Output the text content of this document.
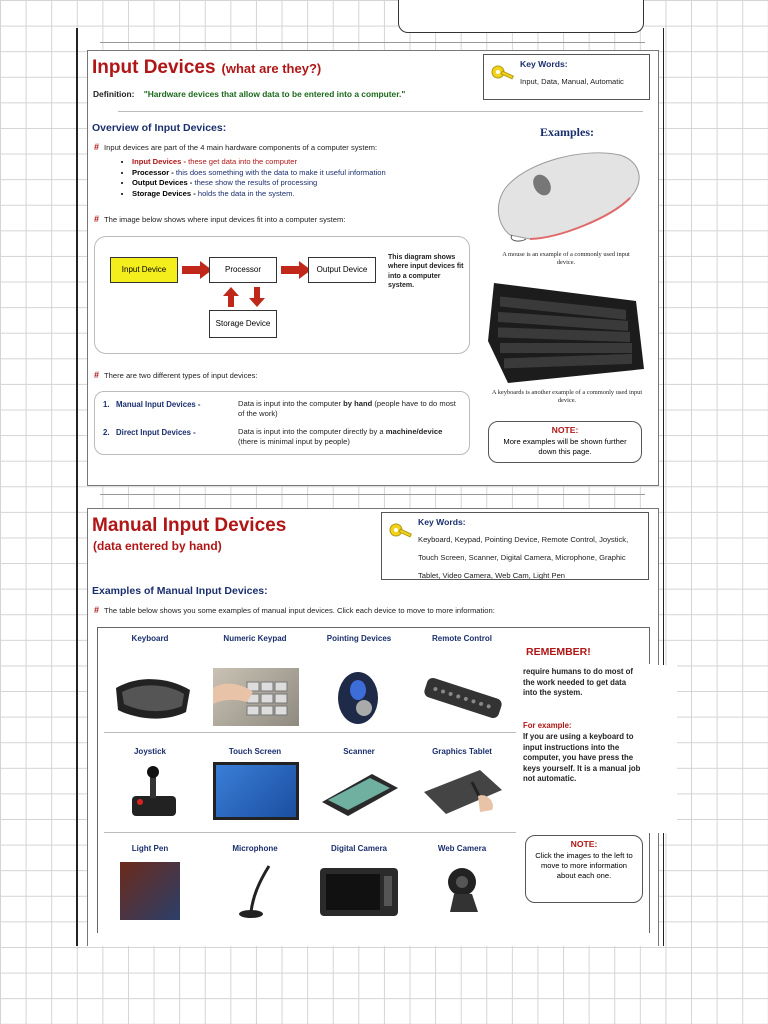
Input Devices (what are they?)
Definition: "Hardware devices that allow data to be entered into a computer."
Key Words:
Input, Data, Manual, Automatic
Overview of Input Devices:
# Input devices are part of the 4 main hardware components of a computer system:
• Input Devices - these get data into the computer
• Processor - this does something with the data to make it useful information
• Output Devices - these show the results of processing
• Storage Devices - holds the data in the system.
# The image below shows where input devices fit into a computer system:
Input Device	Processor	Output Device
Storage Device
This diagram shows where input devices fit into a computer system.
# There are two different types of input devices:
1. Manual Input Devices -	Data is input into the computer by hand (people have to do most of the work)
2. Direct Input Devices -	Data is input into the computer directly by a machine/device (there is minimal input by people)
Examples:
A mouse is an example of a commonly used input device.
A keyboards is another example of a commonly used input device.
NOTE:
More examples will be shown further down this page.
Manual Input Devices
(data entered by hand)
Key Words:
Keyboard, Keypad, Pointing Device, Remote Control, Joystick, Touch Screen, Scanner, Digital Camera, Microphone, Graphic Tablet, Video Camera, Web Cam, Light Pen
Examples of Manual Input Devices:
# The table below shows you some examples of manual input devices. Click each device to move to more information:
Keyboard	Numeric Keypad	Pointing Devices	Remote Control
REMEMBER!
Joystick	Touch Screen	Scanner	Graphics Tablet
Light Pen	Microphone	Digital Camera	Web Camera
require humans to do most of the work needed to get data into the system.
For example:
If you are using a keyboard to input instructions into the computer, you have press the keys yourself. It is a manual job not automatic.
NOTE:
Click the images to the left to move to more information about each one.
